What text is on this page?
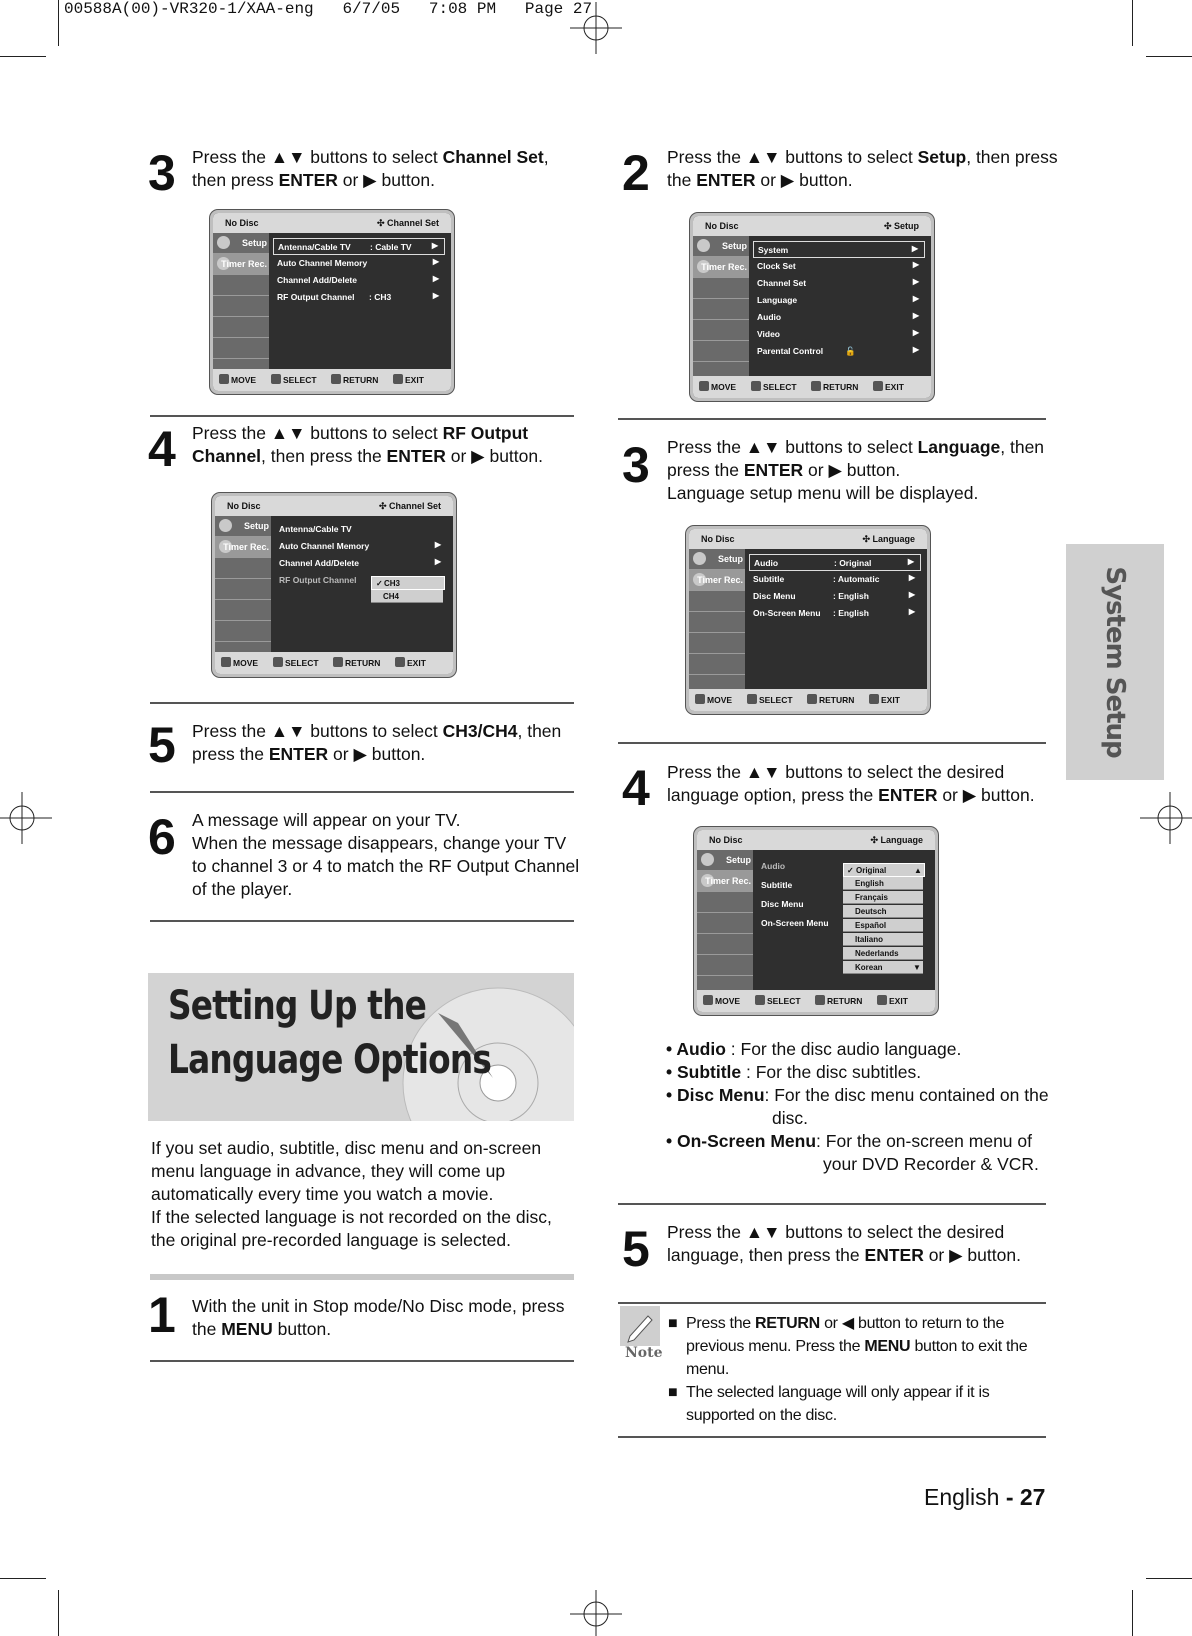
00588A(00)-VR320-1/XAA-eng   6/7/05   7:08 PM   Page 27
System Setup
3 Press the ▲▼ buttons to select Channel Set,
then press ENTER or ▶ button.
No Disc	✣ Channel Set
Setup
Timer Rec.
Antenna/Cable TV : Cable TV	▶
Auto Channel Memory	▶
Channel Add/Delete	▶
RF Output Channel : CH3	▶
MOVE	SELECT	RETURN	EXIT
4 Press the ▲▼ buttons to select RF Output
Channel, then press the ENTER or ▶ button.
No Disc	✣ Channel Set
Setup
Timer Rec.
Antenna/Cable TV
Auto Channel Memory	▶
Channel Add/Delete	▶
RF Output Channel ✓ CH3
CH4
MOVE	SELECT	RETURN	EXIT
5 Press the ▲▼ buttons to select CH3/CH4, then
press the ENTER or ▶ button.
6 A message will appear on your TV.
When the message disappears, change your TV
to channel 3 or 4 to match the RF Output Channel
of the player.
Setting Up the
Language Options
If you set audio, subtitle, disc menu and on-screen
menu language in advance, they will come up
automatically every time you watch a movie.
If the selected language is not recorded on the disc,
the original pre-recorded language is selected.
1 With the unit in Stop mode/No Disc mode, press
the MENU button.
2 Press the ▲▼ buttons to select Setup, then press
the ENTER or ▶ button.
No Disc	✣ Setup
Setup
Timer Rec.
System	▶
Clock Set	▶
Channel Set	▶
Language	▶
Audio	▶
Video	▶
Parental Control	🔓	▶
MOVE	SELECT	RETURN	EXIT
3 Press the ▲▼ buttons to select Language, then
press the ENTER or ▶ button.
Language setup menu will be displayed.
No Disc	✣ Language
Setup
Timer Rec.
Audio	: Original	▶
Subtitle	: Automatic	▶
Disc Menu	: English	▶
On-Screen Menu : English	▶
MOVE	SELECT	RETURN	EXIT
4 Press the ▲▼ buttons to select the desired
language option, press the ENTER or ▶ button.
No Disc	✣ Language
Setup
Timer Rec.
Audio
Subtitle
Disc Menu
On-Screen Menu
✓ Original	▲
English
Français
Deutsch
Español
Italiano
Nederlands
Korean	▼
MOVE	SELECT	RETURN	EXIT
• Audio : For the disc audio language.
• Subtitle : For the disc subtitles.
• Disc Menu: For the disc menu contained on the
disc.
• On-Screen Menu: For the on-screen menu of
your DVD Recorder & VCR.
5 Press the ▲▼ buttons to select the desired
language, then press the ENTER or ▶ button.
Note
■ Press the RETURN or ◀ button to return to the
previous menu. Press the MENU button to exit the
menu.
■ The selected language will only appear if it is
supported on the disc.
English - 27
